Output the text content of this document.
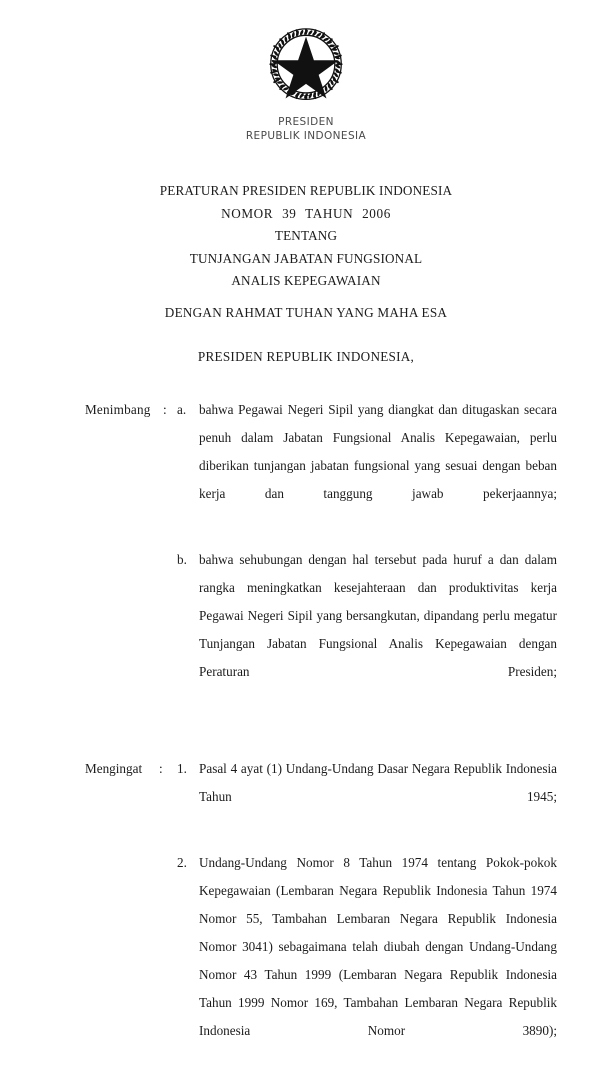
PRESIDEN
REPUBLIK INDONESIA
PERATURAN PRESIDEN REPUBLIK INDONESIA
NOMOR 39 TAHUN 2006
TENTANG
TUNJANGAN JABATAN FUNGSIONAL
ANALIS KEPEGAWAIAN
DENGAN RAHMAT TUHAN YANG MAHA ESA
PRESIDEN REPUBLIK INDONESIA,
Menimbang : a. bahwa Pegawai Negeri Sipil yang diangkat dan ditugaskan secara penuh dalam Jabatan Fungsional Analis Kepegawaian, perlu diberikan tunjangan jabatan fungsional yang sesuai dengan beban kerja dan tanggung jawab pekerjaannya;
b. bahwa sehubungan dengan hal tersebut pada huruf a dan dalam rangka meningkatkan kesejahteraan dan produktivitas kerja Pegawai Negeri Sipil yang bersangkutan, dipandang perlu megatur Tunjangan Jabatan Fungsional Analis Kepegawaian dengan Peraturan Presiden;
Mengingat	:	1. Pasal 4 ayat (1) Undang-Undang Dasar Negara Republik Indonesia Tahun 1945;
2. Undang-Undang Nomor 8 Tahun 1974 tentang Pokok-pokok Kepegawaian (Lembaran Negara Republik Indonesia Tahun 1974 Nomor 55, Tambahan Lembaran Negara Republik Indonesia Nomor 3041) sebagaimana telah diubah dengan Undang-Undang Nomor 43 Tahun 1999 (Lembaran Negara Republik Indonesia Tahun 1999 Nomor 169, Tambahan Lembaran Negara Republik Indonesia Nomor 3890);
